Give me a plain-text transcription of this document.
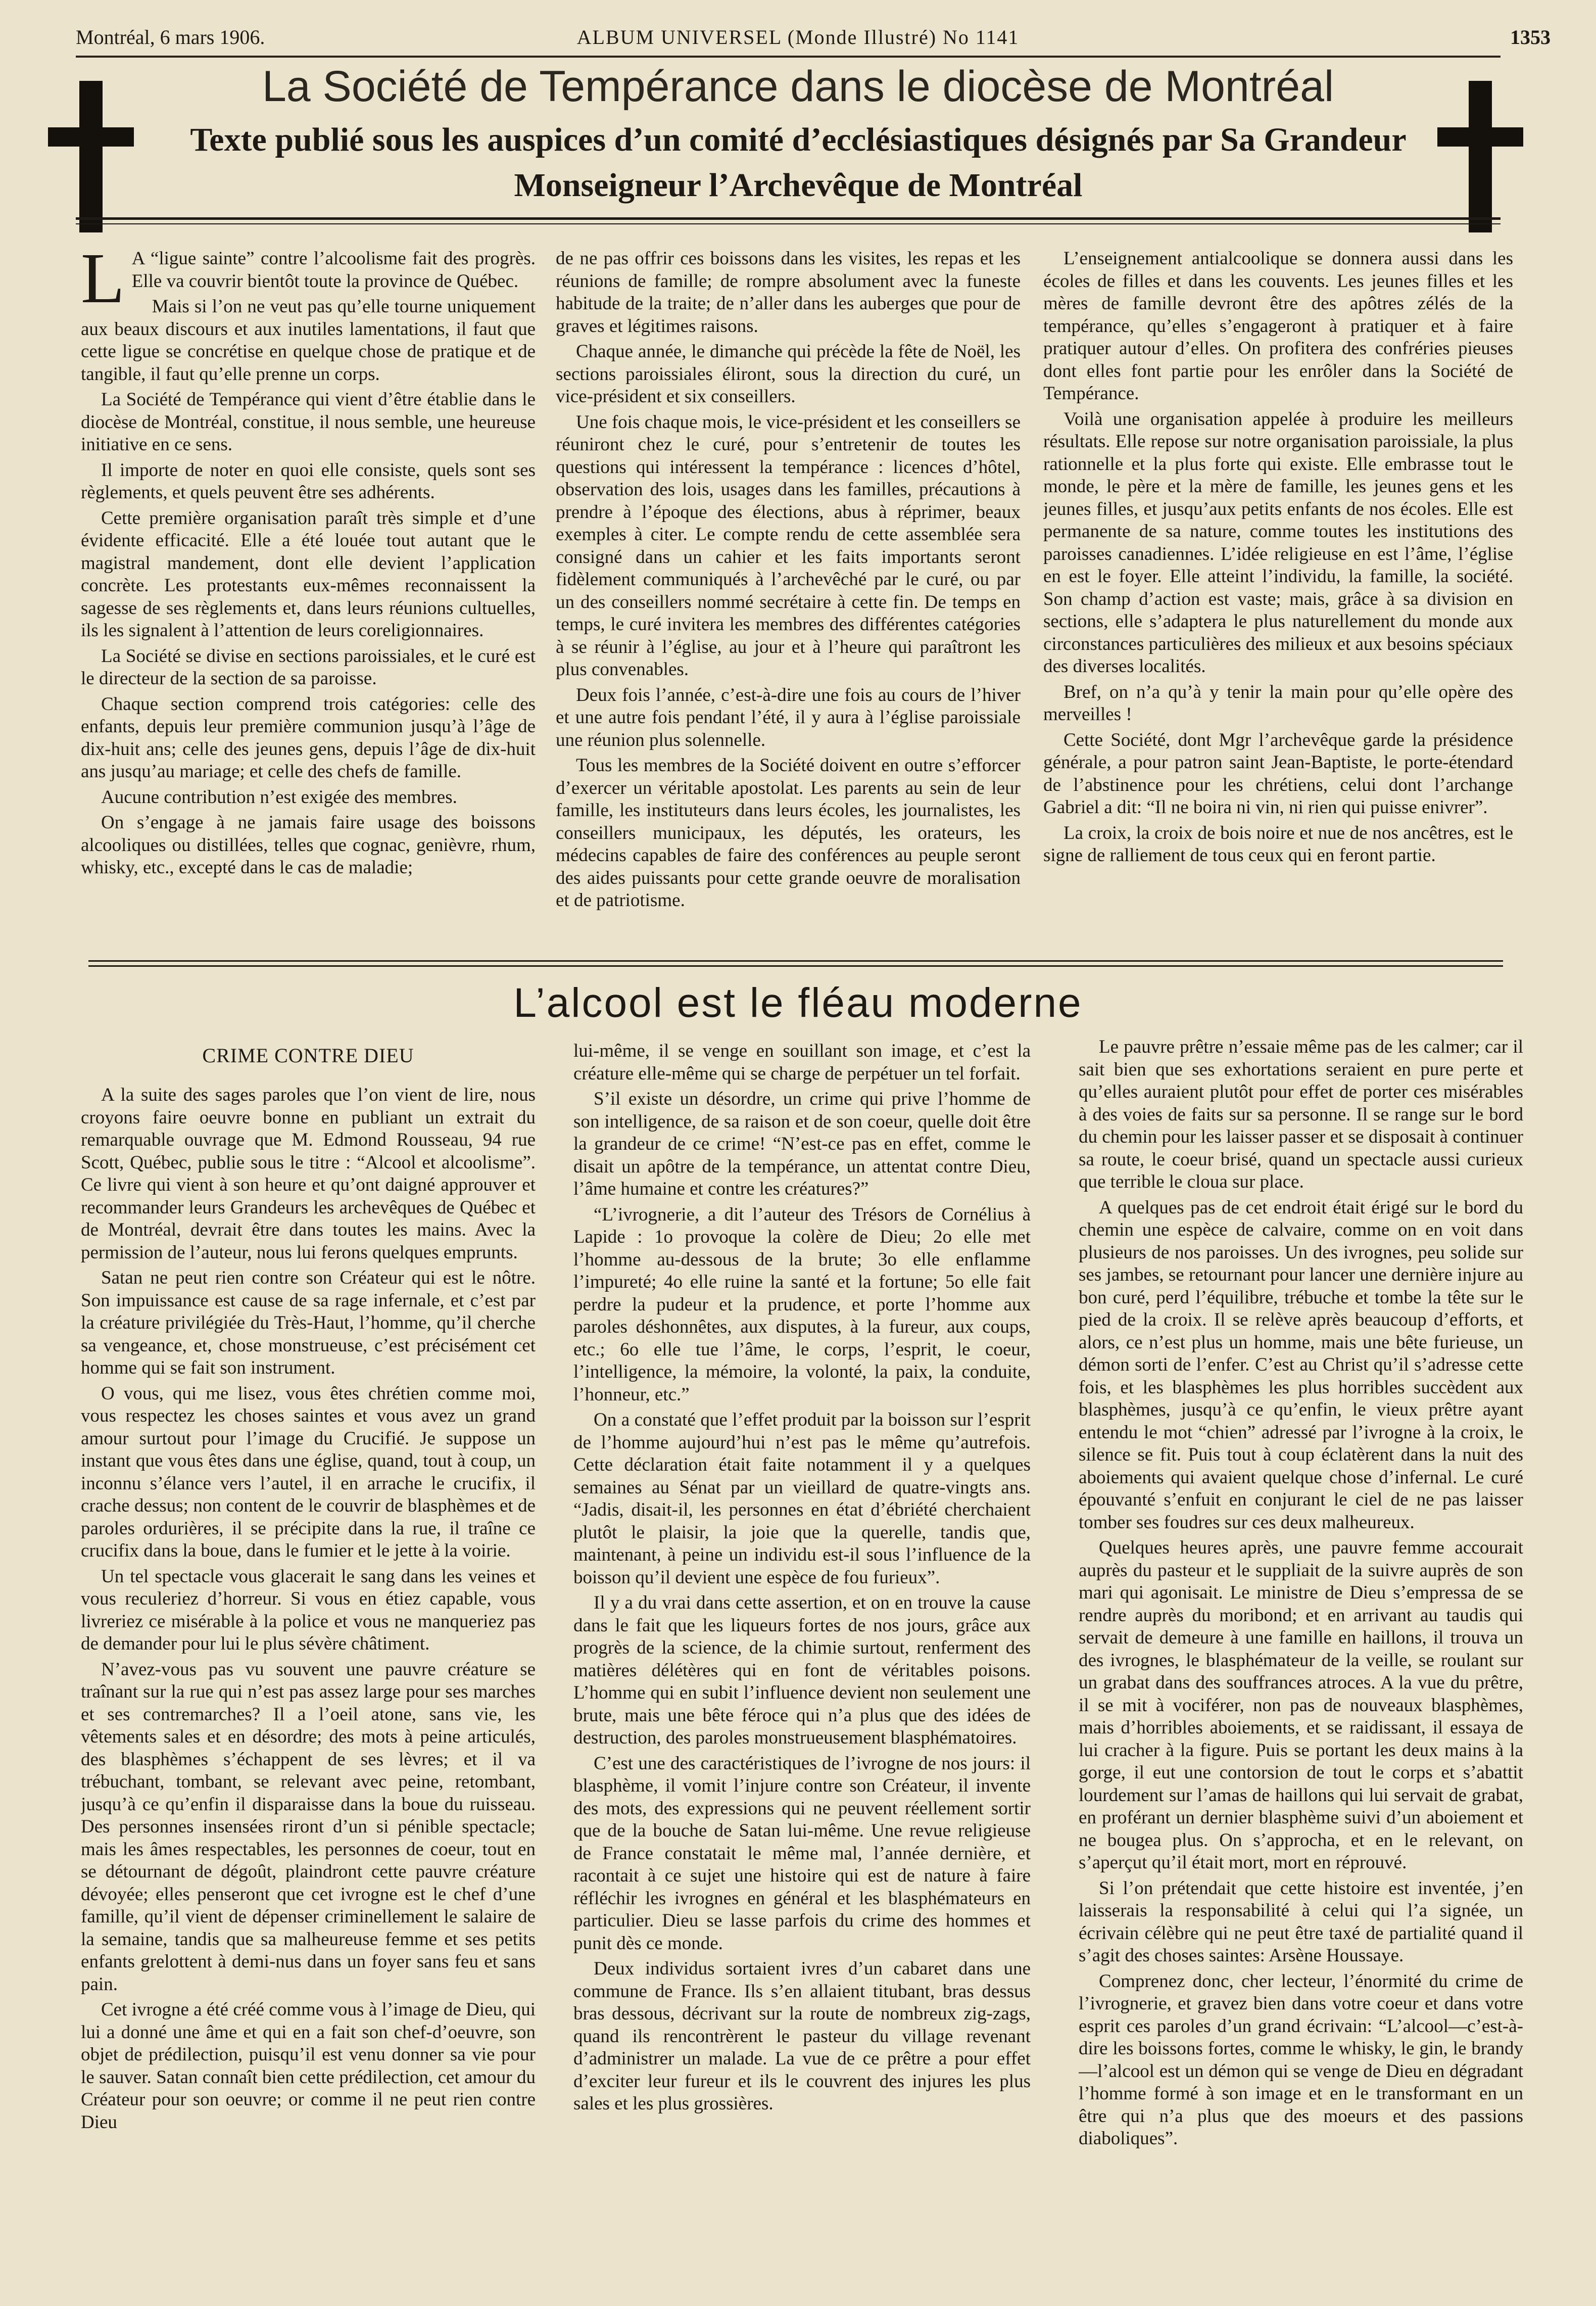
Montréal, 6 mars 1906.	ALBUM UNIVERSEL (Monde Illustré) No 1141	1353
La Société de Tempérance dans le diocèse de Montréal
Texte publié sous les auspices d’un comité d’ecclésiastiques désignés par Sa Grandeur
Monseigneur l’Archevêque de Montréal

L A “ligue sainte” contre l’alcoolisme fait des progrès. Elle va couvrir bientôt toute la province de Québec.

Mais si l’on ne veut pas qu’elle tourne uniquement aux beaux discours et aux inutiles lamentations, il faut que cette ligue se concrétise en quelque chose de pratique et de tangible, il faut qu’elle prenne un corps.

La Société de Tempérance qui vient d’être établie dans le diocèse de Montréal, constitue, il nous semble, une heureuse initiative en ce sens.

Il importe de noter en quoi elle consiste, quels sont ses règlements, et quels peuvent être ses adhérents.

Cette première organisation paraît très simple et d’une évidente efficacité. Elle a été louée tout autant que le magistral mandement, dont elle devient l’application concrète. Les protestants eux-mêmes reconnaissent la sagesse de ses règlements et, dans leurs réunions cultuelles, ils les signalent à l’attention de leurs coreligionnaires.

La Société se divise en sections paroissiales, et le curé est le directeur de la section de sa paroisse.

Chaque section comprend trois catégories: celle des enfants, depuis leur première communion jusqu’à l’âge de dix-huit ans; celle des jeunes gens, depuis l’âge de dix-huit ans jusqu’au mariage; et celle des chefs de famille.

Aucune contribution n’est exigée des membres.

On s’engage à ne jamais faire usage des boissons alcooliques ou distillées, telles que cognac, genièvre, rhum, whisky, etc., excepté dans le cas de maladie;

de ne pas offrir ces boissons dans les visites, les repas et les réunions de famille; de rompre absolument avec la funeste habitude de la traite; de n’aller dans les auberges que pour de graves et légitimes raisons.

Chaque année, le dimanche qui précède la fête de Noël, les sections paroissiales éliront, sous la direction du curé, un vice-président et six conseillers.

Une fois chaque mois, le vice-président et les conseillers se réuniront chez le curé, pour s’entretenir de toutes les questions qui intéressent la tempérance : licences d’hôtel, observation des lois, usages dans les familles, précautions à prendre à l’époque des élections, abus à réprimer, beaux exemples à citer. Le compte rendu de cette assemblée sera consigné dans un cahier et les faits importants seront fidèlement communiqués à l’archevêché par le curé, ou par un des conseillers nommé secrétaire à cette fin. De temps en temps, le curé invitera les membres des différentes catégories à se réunir à l’église, au jour et à l’heure qui paraîtront les plus convenables.

Deux fois l’année, c’est-à-dire une fois au cours de l’hiver et une autre fois pendant l’été, il y aura à l’église paroissiale une réunion plus solennelle.

Tous les membres de la Société doivent en outre s’efforcer d’exercer un véritable apostolat. Les parents au sein de leur famille, les instituteurs dans leurs écoles, les journalistes, les conseillers municipaux, les députés, les orateurs, les médecins capables de faire des conférences au peuple seront des aides puissants pour cette grande oeuvre de moralisation et de patriotisme.

L’enseignement antialcoolique se donnera aussi dans les écoles de filles et dans les couvents. Les jeunes filles et les mères de famille devront être des apôtres zélés de la tempérance, qu’elles s’engageront à pratiquer et à faire pratiquer autour d’elles. On profitera des confréries pieuses dont elles font partie pour les enrôler dans la Société de Tempérance.

Voilà une organisation appelée à produire les meilleurs résultats. Elle repose sur notre organisation paroissiale, la plus rationnelle et la plus forte qui existe. Elle embrasse tout le monde, le père et la mère de famille, les jeunes gens et les jeunes filles, et jusqu’aux petits enfants de nos écoles. Elle est permanente de sa nature, comme toutes les institutions des paroisses canadiennes. L’idée religieuse en est l’âme, l’église en est le foyer. Elle atteint l’individu, la famille, la société. Son champ d’action est vaste; mais, grâce à sa division en sections, elle s’adaptera le plus naturellement du monde aux circonstances particulières des milieux et aux besoins spéciaux des diverses localités.

Bref, on n’a qu’à y tenir la main pour qu’elle opère des merveilles !

Cette Société, dont Mgr l’archevêque garde la présidence générale, a pour patron saint Jean-Baptiste, le porte-étendard de l’abstinence pour les chrétiens, celui dont l’archange Gabriel a dit: “Il ne boira ni vin, ni rien qui puisse enivrer”.

La croix, la croix de bois noire et nue de nos ancêtres, est le signe de ralliement de tous ceux qui en feront partie.

L’alcool est le fléau moderne
CRIME CONTRE DIEU

A la suite des sages paroles que l’on vient de lire, nous croyons faire oeuvre bonne en publiant un extrait du remarquable ouvrage que M. Edmond Rousseau, 94 rue Scott, Québec, publie sous le titre : “Alcool et alcoolisme”. Ce livre qui vient à son heure et qu’ont daigné approuver et recommander leurs Grandeurs les archevêques de Québec et de Montréal, devrait être dans toutes les mains. Avec la permission de l’auteur, nous lui ferons quelques emprunts.

Satan ne peut rien contre son Créateur qui est le nôtre. Son impuissance est cause de sa rage infernale, et c’est par la créature privilégiée du Très-Haut, l’homme, qu’il cherche sa vengeance, et, chose monstrueuse, c’est précisément cet homme qui se fait son instrument.

O vous, qui me lisez, vous êtes chrétien comme moi, vous respectez les choses saintes et vous avez un grand amour surtout pour l’image du Crucifié. Je suppose un instant que vous êtes dans une église, quand, tout à coup, un inconnu s’élance vers l’autel, il en arrache le crucifix, il crache dessus; non content de le couvrir de blasphèmes et de paroles ordurières, il se précipite dans la rue, il traîne ce crucifix dans la boue, dans le fumier et le jette à la voirie.

Un tel spectacle vous glacerait le sang dans les veines et vous reculeriez d’horreur. Si vous en étiez capable, vous livreriez ce misérable à la police et vous ne manqueriez pas de demander pour lui le plus sévère châtiment.

N’avez-vous pas vu souvent une pauvre créature se traînant sur la rue qui n’est pas assez large pour ses marches et ses contremarches? Il a l’oeil atone, sans vie, les vêtements sales et en désordre; des mots à peine articulés, des blasphèmes s’échappent de ses lèvres; et il va trébuchant, tombant, se relevant avec peine, retombant, jusqu’à ce qu’enfin il disparaisse dans la boue du ruisseau. Des personnes insensées riront d’un si pénible spectacle; mais les âmes respectables, les personnes de coeur, tout en se détournant de dégoût, plaindront cette pauvre créature dévoyée; elles penseront que cet ivrogne est le chef d’une famille, qu’il vient de dépenser criminellement le salaire de la semaine, tandis que sa malheureuse femme et ses petits enfants grelottent à demi-nus dans un foyer sans feu et sans pain.

Cet ivrogne a été créé comme vous à l’image de Dieu, qui lui a donné une âme et qui en a fait son chef-d’oeuvre, son objet de prédilection, puisqu’il est venu donner sa vie pour le sauver. Satan connaît bien cette prédilection, cet amour du Créateur pour son oeuvre; or comme il ne peut rien contre Dieu

lui-même, il se venge en souillant son image, et c’est la créature elle-même qui se charge de perpétuer un tel forfait.

S’il existe un désordre, un crime qui prive l’homme de son intelligence, de sa raison et de son coeur, quelle doit être la grandeur de ce crime! “N’est-ce pas en effet, comme le disait un apôtre de la tempérance, un attentat contre Dieu, l’âme humaine et contre les créatures?”

“L’ivrognerie, a dit l’auteur des Trésors de Cornélius à Lapide : 1o provoque la colère de Dieu; 2o elle met l’homme au-dessous de la brute; 3o elle enflamme l’impureté; 4o elle ruine la santé et la fortune; 5o elle fait perdre la pudeur et la prudence, et porte l’homme aux paroles déshonnêtes, aux disputes, à la fureur, aux coups, etc.; 6o elle tue l’âme, le corps, l’esprit, le coeur, l’intelligence, la mémoire, la volonté, la paix, la conduite, l’honneur, etc.”

On a constaté que l’effet produit par la boisson sur l’esprit de l’homme aujourd’hui n’est pas le même qu’autrefois. Cette déclaration était faite notamment il y a quelques semaines au Sénat par un vieillard de quatre-vingts ans. “Jadis, disait-il, les personnes en état d’ébriété cherchaient plutôt le plaisir, la joie que la querelle, tandis que, maintenant, à peine un individu est-il sous l’influence de la boisson qu’il devient une espèce de fou furieux”.

Il y a du vrai dans cette assertion, et on en trouve la cause dans le fait que les liqueurs fortes de nos jours, grâce aux progrès de la science, de la chimie surtout, renferment des matières délétères qui en font de véritables poisons. L’homme qui en subit l’influence devient non seulement une brute, mais une bête féroce qui n’a plus que des idées de destruction, des paroles monstrueusement blasphématoires.

C’est une des caractéristiques de l’ivrogne de nos jours: il blasphème, il vomit l’injure contre son Créateur, il invente des mots, des expressions qui ne peuvent réellement sortir que de la bouche de Satan lui-même. Une revue religieuse de France constatait le même mal, l’année dernière, et racontait à ce sujet une histoire qui est de nature à faire réfléchir les ivrognes en général et les blasphémateurs en particulier. Dieu se lasse parfois du crime des hommes et punit dès ce monde.

Deux individus sortaient ivres d’un cabaret dans une commune de France. Ils s’en allaient titubant, bras dessus bras dessous, décrivant sur la route de nombreux zig-zags, quand ils rencontrèrent le pasteur du village revenant d’administrer un malade. La vue de ce prêtre a pour effet d’exciter leur fureur et ils le couvrent des injures les plus sales et les plus grossières.

Le pauvre prêtre n’essaie même pas de les calmer; car il sait bien que ses exhortations seraient en pure perte et qu’elles auraient plutôt pour effet de porter ces misérables à des voies de faits sur sa personne. Il se range sur le bord du chemin pour les laisser passer et se disposait à continuer sa route, le coeur brisé, quand un spectacle aussi curieux que terrible le cloua sur place.

A quelques pas de cet endroit était érigé sur le bord du chemin une espèce de calvaire, comme on en voit dans plusieurs de nos paroisses. Un des ivrognes, peu solide sur ses jambes, se retournant pour lancer une dernière injure au bon curé, perd l’équilibre, trébuche et tombe la tête sur le pied de la croix. Il se relève après beaucoup d’efforts, et alors, ce n’est plus un homme, mais une bête furieuse, un démon sorti de l’enfer. C’est au Christ qu’il s’adresse cette fois, et les blasphèmes les plus horribles succèdent aux blasphèmes, jusqu’à ce qu’enfin, le vieux prêtre ayant entendu le mot “chien” adressé par l’ivrogne à la croix, le silence se fit. Puis tout à coup éclatèrent dans la nuit des aboiements qui avaient quelque chose d’infernal. Le curé épouvanté s’enfuit en conjurant le ciel de ne pas laisser tomber ses foudres sur ces deux malheureux.

Quelques heures après, une pauvre femme accourait auprès du pasteur et le suppliait de la suivre auprès de son mari qui agonisait. Le ministre de Dieu s’empressa de se rendre auprès du moribond; et en arrivant au taudis qui servait de demeure à une famille en haillons, il trouva un des ivrognes, le blasphémateur de la veille, se roulant sur un grabat dans des souffrances atroces. A la vue du prêtre, il se mit à vociférer, non pas de nouveaux blasphèmes, mais d’horribles aboiements, et se raidissant, il essaya de lui cracher à la figure. Puis se portant les deux mains à la gorge, il eut une contorsion de tout le corps et s’abattit lourdement sur l’amas de haillons qui lui servait de grabat, en proférant un dernier blasphème suivi d’un aboiement et ne bougea plus. On s’approcha, et en le relevant, on s’aperçut qu’il était mort, mort en réprouvé.

Si l’on prétendait que cette histoire est inventée, j’en laisserais la responsabilité à celui qui l’a signée, un écrivain célèbre qui ne peut être taxé de partialité quand il s’agit des choses saintes: Arsène Houssaye.

Comprenez donc, cher lecteur, l’énormité du crime de l’ivrognerie, et gravez bien dans votre coeur et dans votre esprit ces paroles d’un grand écrivain: “L’alcool—c’est-à-dire les boissons fortes, comme le whisky, le gin, le brandy—l’alcool est un démon qui se venge de Dieu en dégradant l’homme formé à son image et en le transformant en un être qui n’a plus que des moeurs et des passions diaboliques”.
